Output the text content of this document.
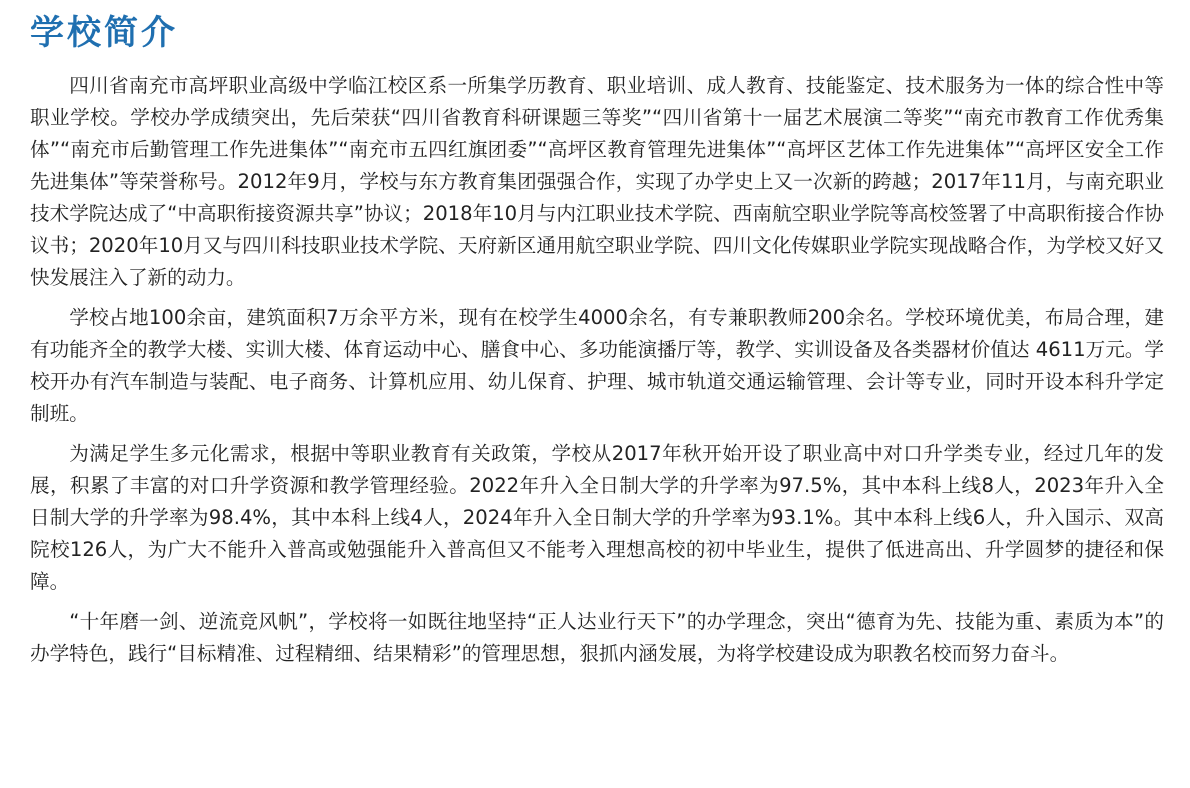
学校简介

四川省南充市高坪职业高级中学临江校区系一所集学历教育、职业培训、成人教育、技能鉴定、技术服务为一体的综合性中等职业学校。学校办学成绩突出，先后荣获“四川省教育科研课题三等奖”“四川省第十一届艺术展演二等奖”“南充市教育工作优秀集体”“南充市后勤管理工作先进集体”“南充市五四红旗团委”“高坪区教育管理先进集体”“高坪区艺体工作先进集体”“高坪区安全工作先进集体”等荣誉称号。2012年9月，学校与东方教育集团强强合作，实现了办学史上又一次新的跨越；2017年11月，与南充职业技术学院达成了“中高职衔接资源共享”协议；2018年10月与内江职业技术学院、西南航空职业学院等高校签署了中高职衔接合作协议书；2020年10月又与四川科技职业技术学院、天府新区通用航空职业学院、四川文化传媒职业学院实现战略合作，为学校又好又快发展注入了新的动力。

学校占地100余亩，建筑面积7万余平方米，现有在校学生4000余名，有专兼职教师200余名。学校环境优美，布局合理，建有功能齐全的教学大楼、实训大楼、体育运动中心、膳食中心、多功能演播厅等，教学、实训设备及各类器材价值达 4611万元。学校开办有汽车制造与装配、电子商务、计算机应用、幼儿保育、护理、城市轨道交通运输管理、会计等专业，同时开设本科升学定制班。

为满足学生多元化需求，根据中等职业教育有关政策，学校从2017年秋开始开设了职业高中对口升学类专业，经过几年的发展，积累了丰富的对口升学资源和教学管理经验。2022年升入全日制大学的升学率为97.5%，其中本科上线8人，2023年升入全日制大学的升学率为98.4%，其中本科上线4人，2024年升入全日制大学的升学率为93.1%。其中本科上线6人，升入国示、双高院校126人，为广大不能升入普高或勉强能升入普高但又不能考入理想高校的初中毕业生，提供了低进高出、升学圆梦的捷径和保障。

“十年磨一剑、逆流竞风帆”，学校将一如既往地坚持“正人达业行天下”的办学理念，突出“德育为先、技能为重、素质为本”的办学特色，践行“目标精准、过程精细、结果精彩”的管理思想，狠抓内涵发展，为将学校建设成为职教名校而努力奋斗。
